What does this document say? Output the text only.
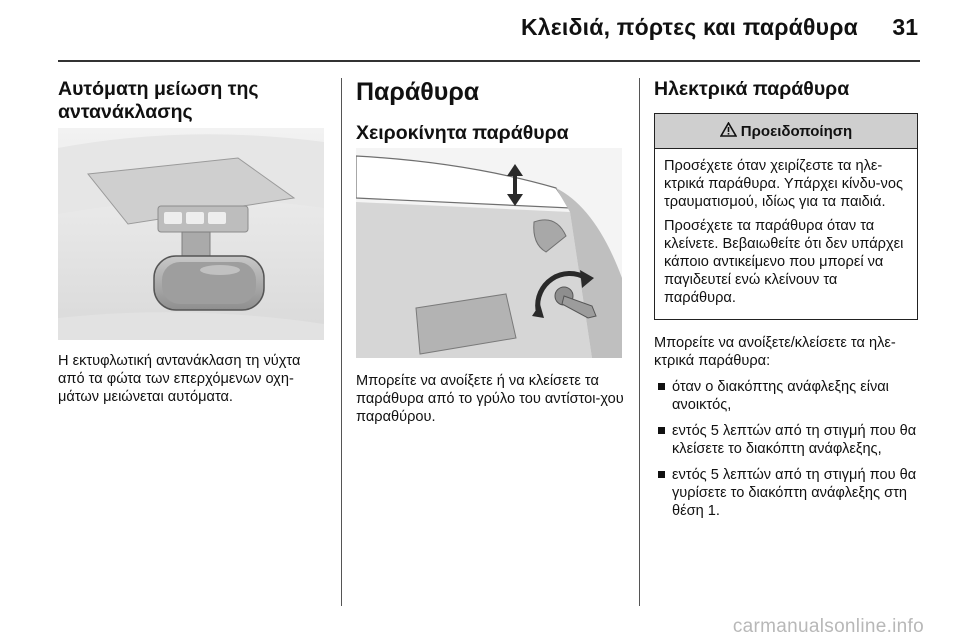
Κλειδιά, πόρτες και παράθυρα 31
Αυτόματη μείωση της αντανάκλασης

Η εκτυφλωτική αντανάκλαση τη νύχτα από τα φώτα των επερχόμενων οχη-μάτων μειώνεται αυτόματα.

Παράθυρα
Χειροκίνητα παράθυρα

Μπορείτε να ανοίξετε ή να κλείσετε τα παράθυρα από το γρύλο του αντίστοι-χου παραθύρου.

Ηλεκτρικά παράθυρα
Προειδοποίηση

Προσέχετε όταν χειρίζεστε τα ηλε-κτρικά παράθυρα. Υπάρχει κίνδυ-νος τραυματισμού, ιδίως για τα παιδιά.

Προσέχετε τα παράθυρα όταν τα κλείνετε. Βεβαιωθείτε ότι δεν υπάρχει κάποιο αντικείμενο που μπορεί να παγιδευτεί ενώ κλείνουν τα παράθυρα.

Μπορείτε να ανοίξετε/κλείσετε τα ηλε-κτρικά παράθυρα:

όταν ο διακόπτης ανάφλεξης είναι ανοικτός,
εντός 5 λεπτών από τη στιγμή που θα κλείσετε το διακόπτη ανάφλεξης,
εντός 5 λεπτών από τη στιγμή που θα γυρίσετε το διακόπτη ανάφλεξης στη θέση 1.
carmanualsonline.info
